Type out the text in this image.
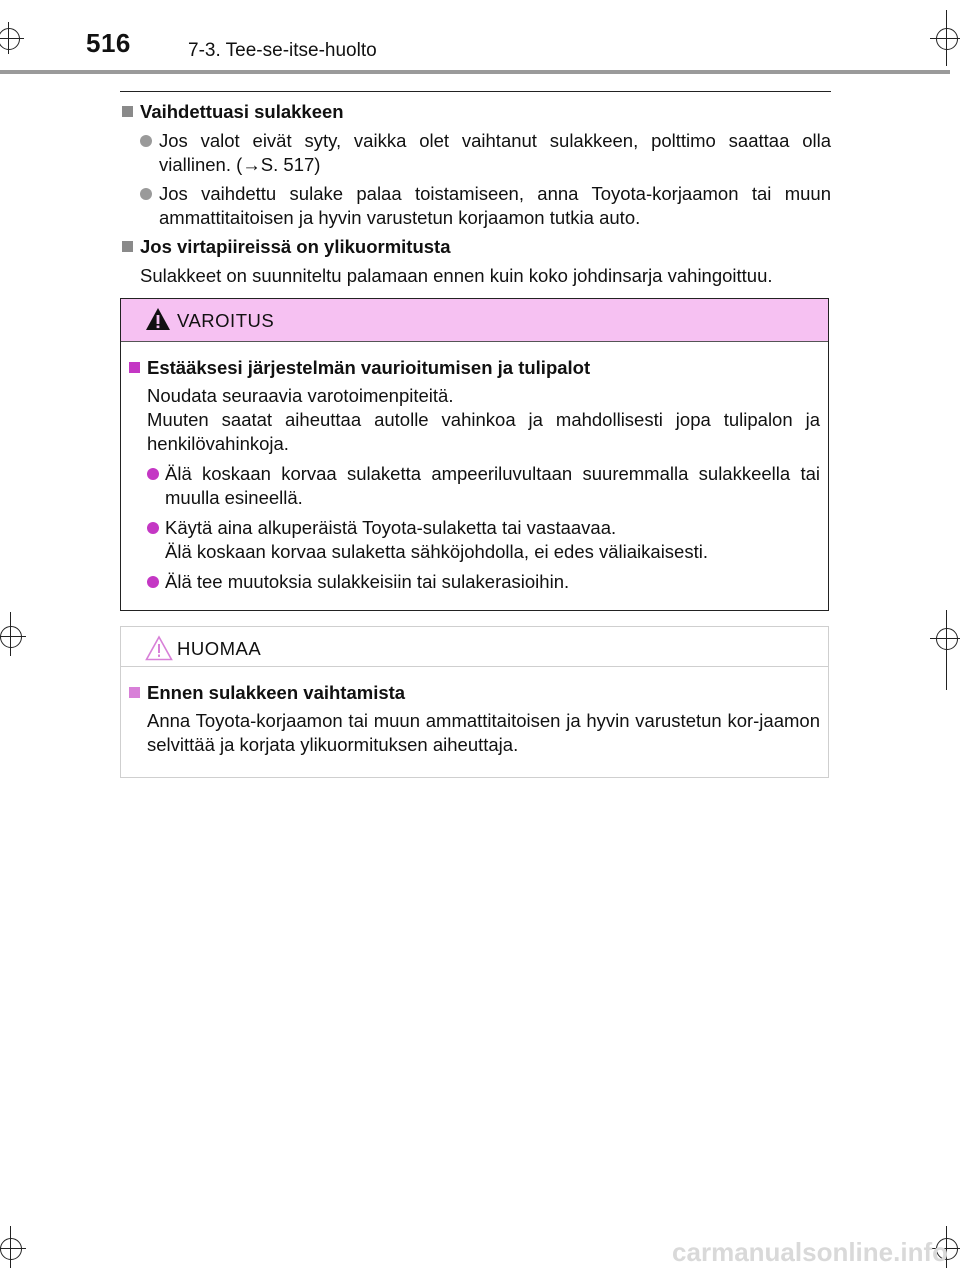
516	7-3. Tee-se-itse-huolto
Vaihdettuasi sulakkeen
Jos valot eivät syty, vaikka olet vaihtanut sulakkeen, polttimo saattaa olla viallinen. (→S. 517)
Jos vaihdettu sulake palaa toistamiseen, anna Toyota-korjaamon tai muun ammattitaitoisen ja hyvin varustetun korjaamon tutkia auto.
Jos virtapiireissä on ylikuormitusta
Sulakkeet on suunniteltu palamaan ennen kuin koko johdinsarja vahingoittuu.
VAROITUS
Estääksesi järjestelmän vaurioitumisen ja tulipalot
Noudata seuraavia varotoimenpiteitä.
Muuten saatat aiheuttaa autolle vahinkoa ja mahdollisesti jopa tulipalon ja henkilövahinkoja.
Älä koskaan korvaa sulaketta ampeeriluvultaan suuremmalla sulakkeella tai muulla esineellä.
Käytä aina alkuperäistä Toyota-sulaketta tai vastaavaa.
Älä koskaan korvaa sulaketta sähköjohdolla, ei edes väliaikaisesti.
Älä tee muutoksia sulakkeisiin tai sulakerasioihin.
HUOMAA
Ennen sulakkeen vaihtamista
Anna Toyota-korjaamon tai muun ammattitaitoisen ja hyvin varustetun kor-jaamon selvittää ja korjata ylikuormituksen aiheuttaja.
carmanualsonline.info
